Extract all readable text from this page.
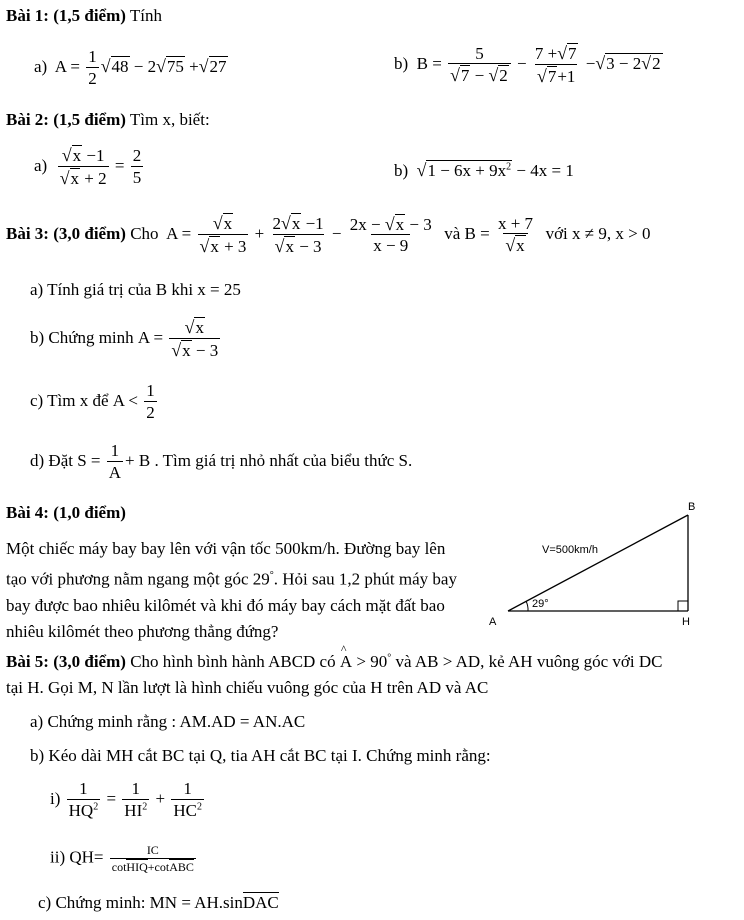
Bài 1: (1,5 điểm) Tính
a) $A = \frac{1}{2} √48 - 2√75 +√27$	b) $B = \frac{5}{√7 - √2} - \frac{7 +√7}{√7+1} -√3 - 2√2$
Bài 2: (1,5 điểm) Tìm x, biết:
$a) \frac{√x -1}{√x + 2} = \frac{2}{5}$	b) $√1 - 6x + 9x^2 - 4x = 1$
Bài 3: (3,0 điểm) Cho $A = \frac{√x}{√x + 3} + \frac{2√x -1}{√x - 3} - \frac{2x - √x - 3}{x - 9}$ và $B = \frac{x + 7}{√x}$ với x ≠ 9, x > 0
a) Tính giá trị của B khi x = 25
b) Chứng minh $A = \frac{√x}{√x - 3}$
c) Tìm x để $A < \frac{1}{2}$
d) Đặt $S = \frac{1}{A} + B$ . Tìm giá trị nhỏ nhất của biểu thức S.
Bài 4: (1,0 điểm)
Một chiếc máy bay bay lên với vận tốc 500km/h. Đường bay lên tạo với phương nằm ngang một góc 29°. Hỏi sau 1,2 phút máy bay bay được bao nhiêu kilômét và khi đó máy bay cách mặt đất bao nhiêu kilômét theo phương thẳng đứng?
29°
V=500km/h
B
A	H
Bài 5: (3,0 điểm) Cho hình bình hành ABCD có
^
A > 90° và AB > AD, kẻ AH vuông góc với DC
tại H. Gọi M, N lần lượt là hình chiếu vuông góc của H trên AD và AC
a) Chứng minh rằng : AM.AD = AN.AC
b) Kéo dài MH cắt BC tại Q, tia AH cắt BC tại I. Chứng minh rằng:
$i) \frac{1}{HQ^2} = \frac{1}{HI^2} + \frac{1}{HC^2}$
ii) $QH= \frac{IC}{\text{cotHIQ+cotABC}}$
c) Chứng minh: MN = AH.sinDAC
